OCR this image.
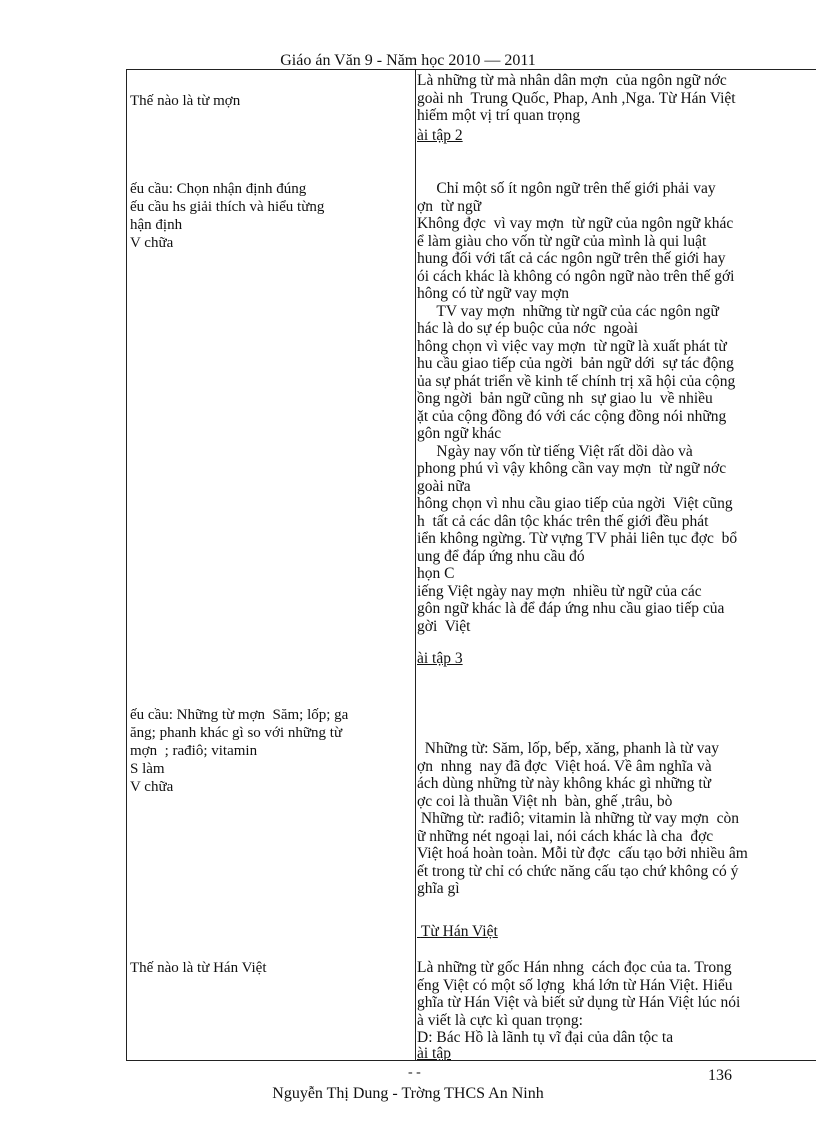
Giáo án Văn 9 - Năm học 2010 — 2011
Thế nào là từ mợn
ếu cầu: Chọn nhận định đúng
ếu cầu hs giải thích và hiểu từng
hận định
V chữa
ếu cầu: Những từ mợn  Săm; lốp; ga
ăng; phanh khác gì so với những từ
mợn  ; rađiô; vitamin
S làm
V chữa
Thế nào là từ Hán Việt
Là những từ mà nhân dân mợn  của ngôn ngữ nớc
goài nh  Trung Quốc, Phap, Anh ,Nga. Từ Hán Việt
hiếm một vị trí quan trọng
ài tập 2
Chỉ một số ít ngôn ngữ trên thế giới phải vay
ợn  từ ngữ
Không đợc  vì vay mợn  từ ngữ của ngôn ngữ khác
ể làm giàu cho vốn từ ngữ của mình là qui luật
hung đối với tất cả các ngôn ngữ trên thế giới hay
ói cách khác là không có ngôn ngữ nào trên thế gới
hông có từ ngữ vay mợn
TV vay mợn  những từ ngữ của các ngôn ngữ
hác là do sự ép buộc của nớc  ngoài
hông chọn vì việc vay mợn  từ ngữ là xuất phát từ
hu cầu giao tiếp của ngời  bản ngữ dới  sự tác động
ủa sự phát triển về kinh tế chính trị xã hội của cộng
ồng ngời  bản ngữ cũng nh  sự giao lu  về nhiều
ặt của cộng đồng đó với các cộng đồng nói những
gôn ngữ khác
Ngày nay vốn từ tiếng Việt rất dồi dào và
phong phú vì vậy không cần vay mợn  từ ngữ nớc
goài nữa
hông chọn vì nhu cầu giao tiếp của ngời  Việt cũng
h  tất cả các dân tộc khác trên thế giới đều phát
iển không ngừng. Từ vựng TV phải liên tục đợc  bổ
ung để đáp ứng nhu cầu đó
họn C
iếng Việt ngày nay mợn  nhiều từ ngữ của các
gôn ngữ khác là để đáp ứng nhu cầu giao tiếp của
gời  Việt
ài tập 3
Những từ: Săm, lốp, bếp, xăng, phanh là từ vay
ợn  nhng  nay đã đợc  Việt hoá. Về âm nghĩa và
ách dùng những từ này không khác gì những từ
ợc coi là thuần Việt nh  bàn, ghế ,trâu, bò
Những từ: rađiô; vitamin là những từ vay mợn  còn
ữ những nét ngoại lai, nói cách khác là cha  đợc
Việt hoá hoàn toàn. Mỗi từ đợc  cấu tạo bởi nhiều âm
ết trong từ chỉ có chức năng cấu tạo chứ không có ý
ghĩa gì
Từ Hán Việt
Là những từ gốc Hán nhng  cách đọc của ta. Trong
ếng Việt có một số lợng  khá lớn từ Hán Việt. Hiểu
ghĩa từ Hán Việt và biết sử dụng từ Hán Việt lúc nói
à viết là cực kì quan trọng:
D: Bác Hồ là lãnh tụ vĩ đại của dân tộc ta
ài tập
- -	136
Nguyễn Thị Dung - Trờng THCS An Ninh
